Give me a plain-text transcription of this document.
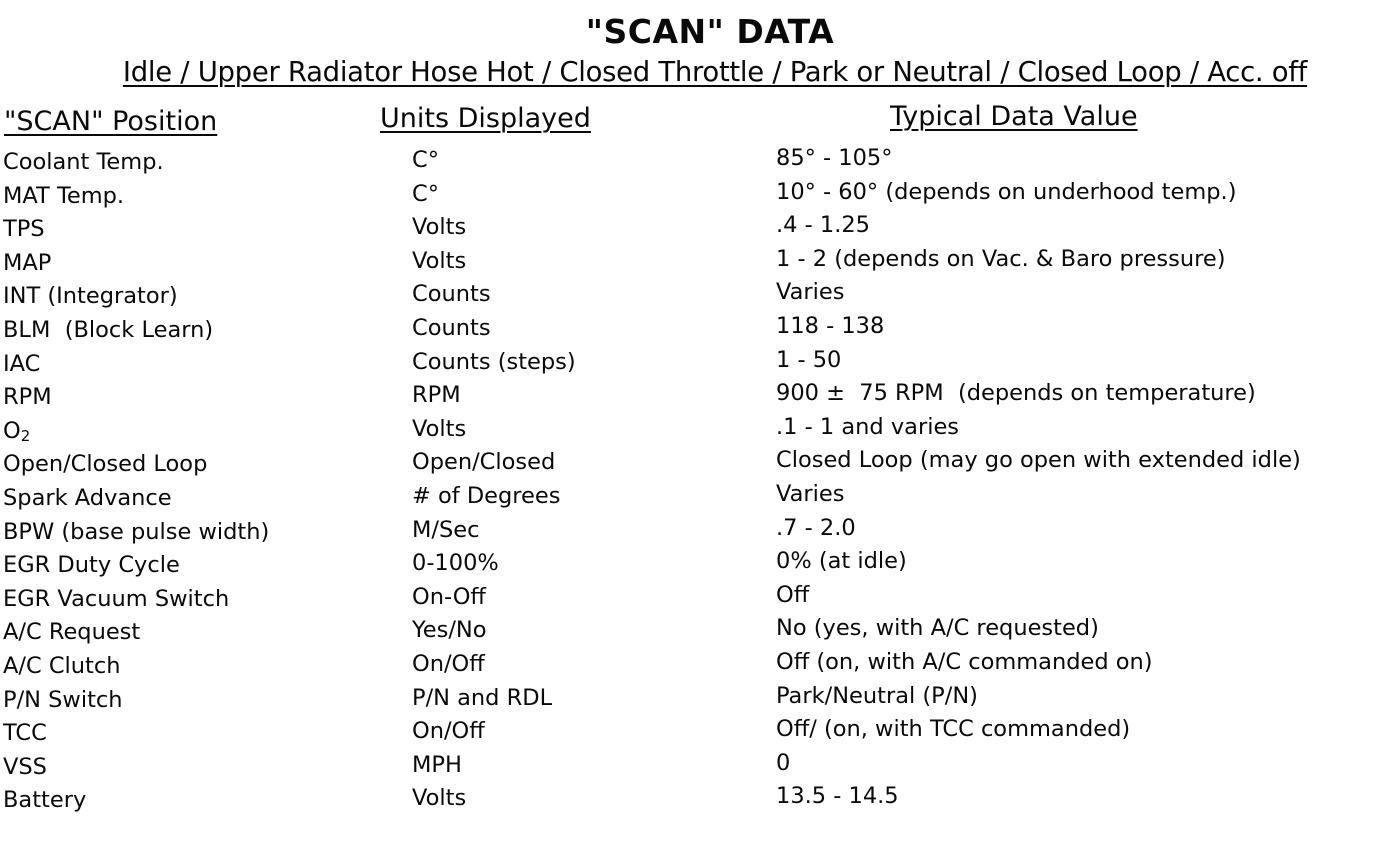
"SCAN" DATA
Idle / Upper Radiator Hose Hot / Closed Throttle / Park or Neutral / Closed Loop / Acc. off
"SCAN" Position	Units Displayed	Typical Data Value
Coolant Temp.	C°	85° - 105°
MAT Temp.	C°	10° - 60° (depends on underhood temp.)
TPS	Volts	.4 - 1.25
MAP	Volts	1 - 2 (depends on Vac. & Baro pressure)
INT (Integrator)	Counts	Varies
BLM  (Block Learn)	Counts	118 - 138
IAC	Counts (steps)	1 - 50
RPM	RPM	900 ±  75 RPM  (depends on temperature)
$O_2$	Volts	.1 - 1 and varies
Open/Closed Loop	Open/Closed	Closed Loop (may go open with extended idle)
Spark Advance	# of Degrees	Varies
BPW (base pulse width)	M/Sec	.7 - 2.0
EGR Duty Cycle	0-100%	0% (at idle)
EGR Vacuum Switch	On-Off	Off
A/C Request	Yes/No	No (yes, with A/C requested)
A/C Clutch	On/Off	Off (on, with A/C commanded on)
P/N Switch	P/N and RDL	Park/Neutral (P/N)
TCC	On/Off	Off/ (on, with TCC commanded)
VSS	MPH	0
Battery	Volts	13.5 - 14.5
